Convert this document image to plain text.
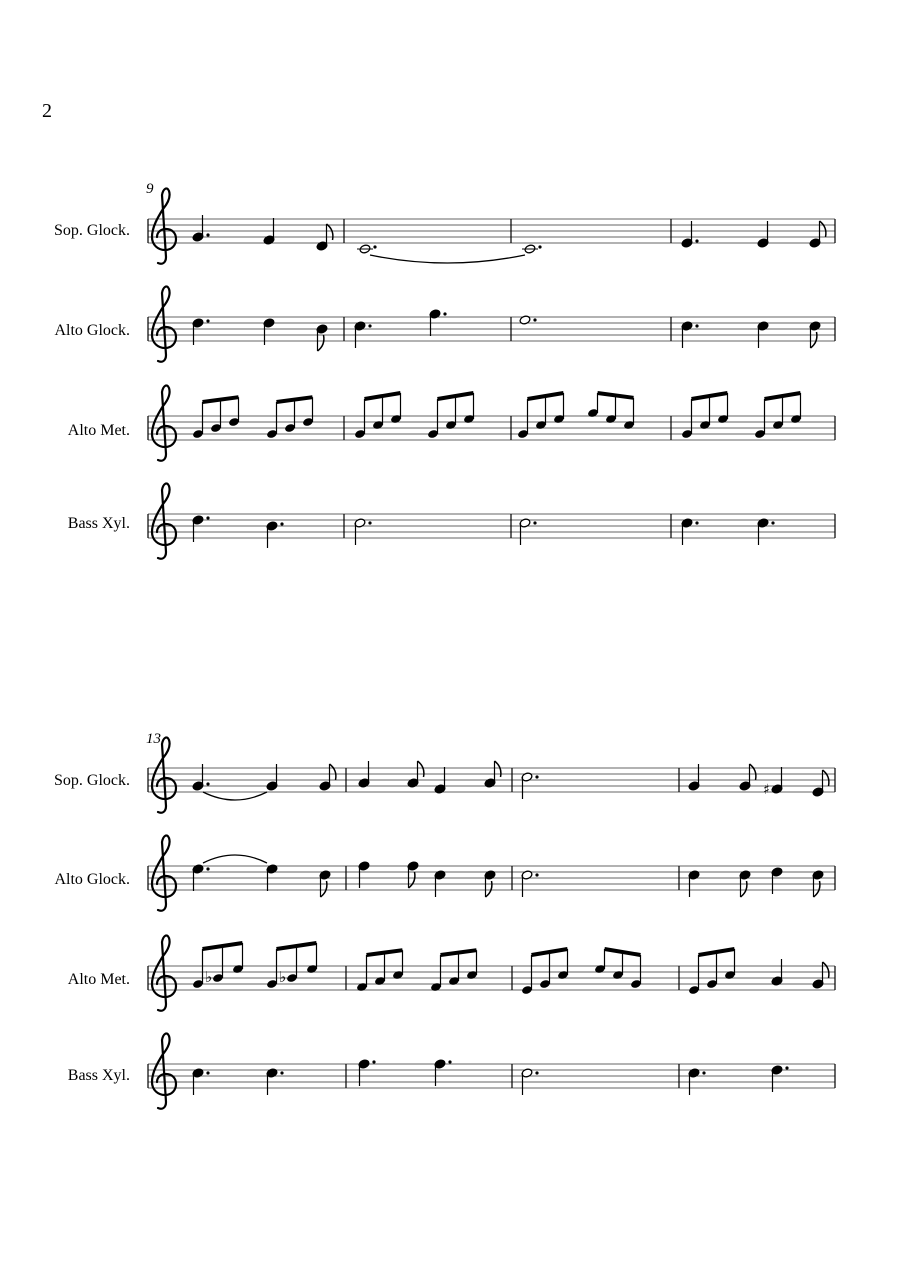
2
9
Sop. Glock.
Alto Glock.
Alto Met.
Bass Xyl.
13
Sop. Glock.
Alto Glock.
Alto Met.
Bass Xyl.
♯
♭	♭
